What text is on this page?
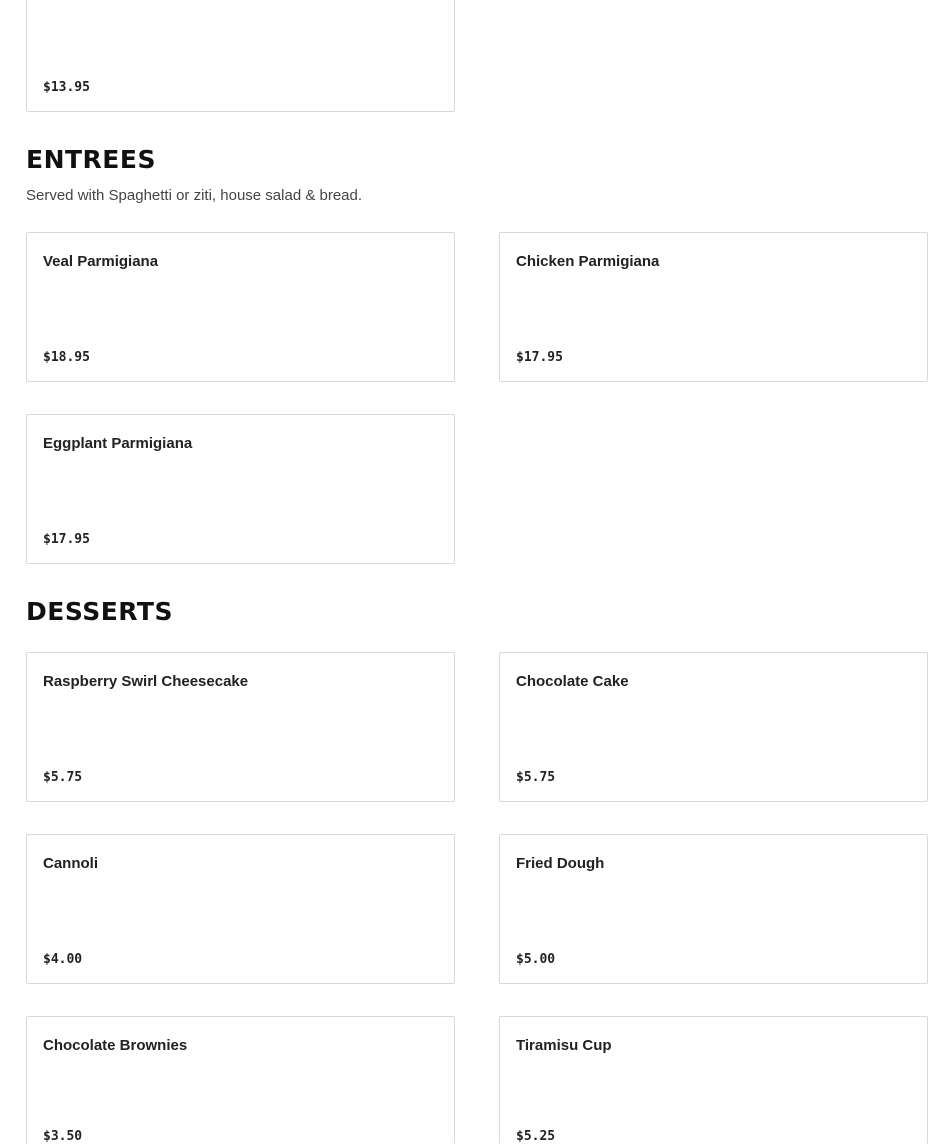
$13.95
ENTREES

Served with Spaghetti or ziti, house salad & bread.

Veal Parmigiana
$18.95
Chicken Parmigiana
$17.95
Eggplant Parmigiana
$17.95
DESSERTS
Raspberry Swirl Cheesecake
$5.75
Chocolate Cake
$5.75
Cannoli
$4.00
Fried Dough
$5.00
Chocolate Brownies
$3.50
Tiramisu Cup
$5.25
